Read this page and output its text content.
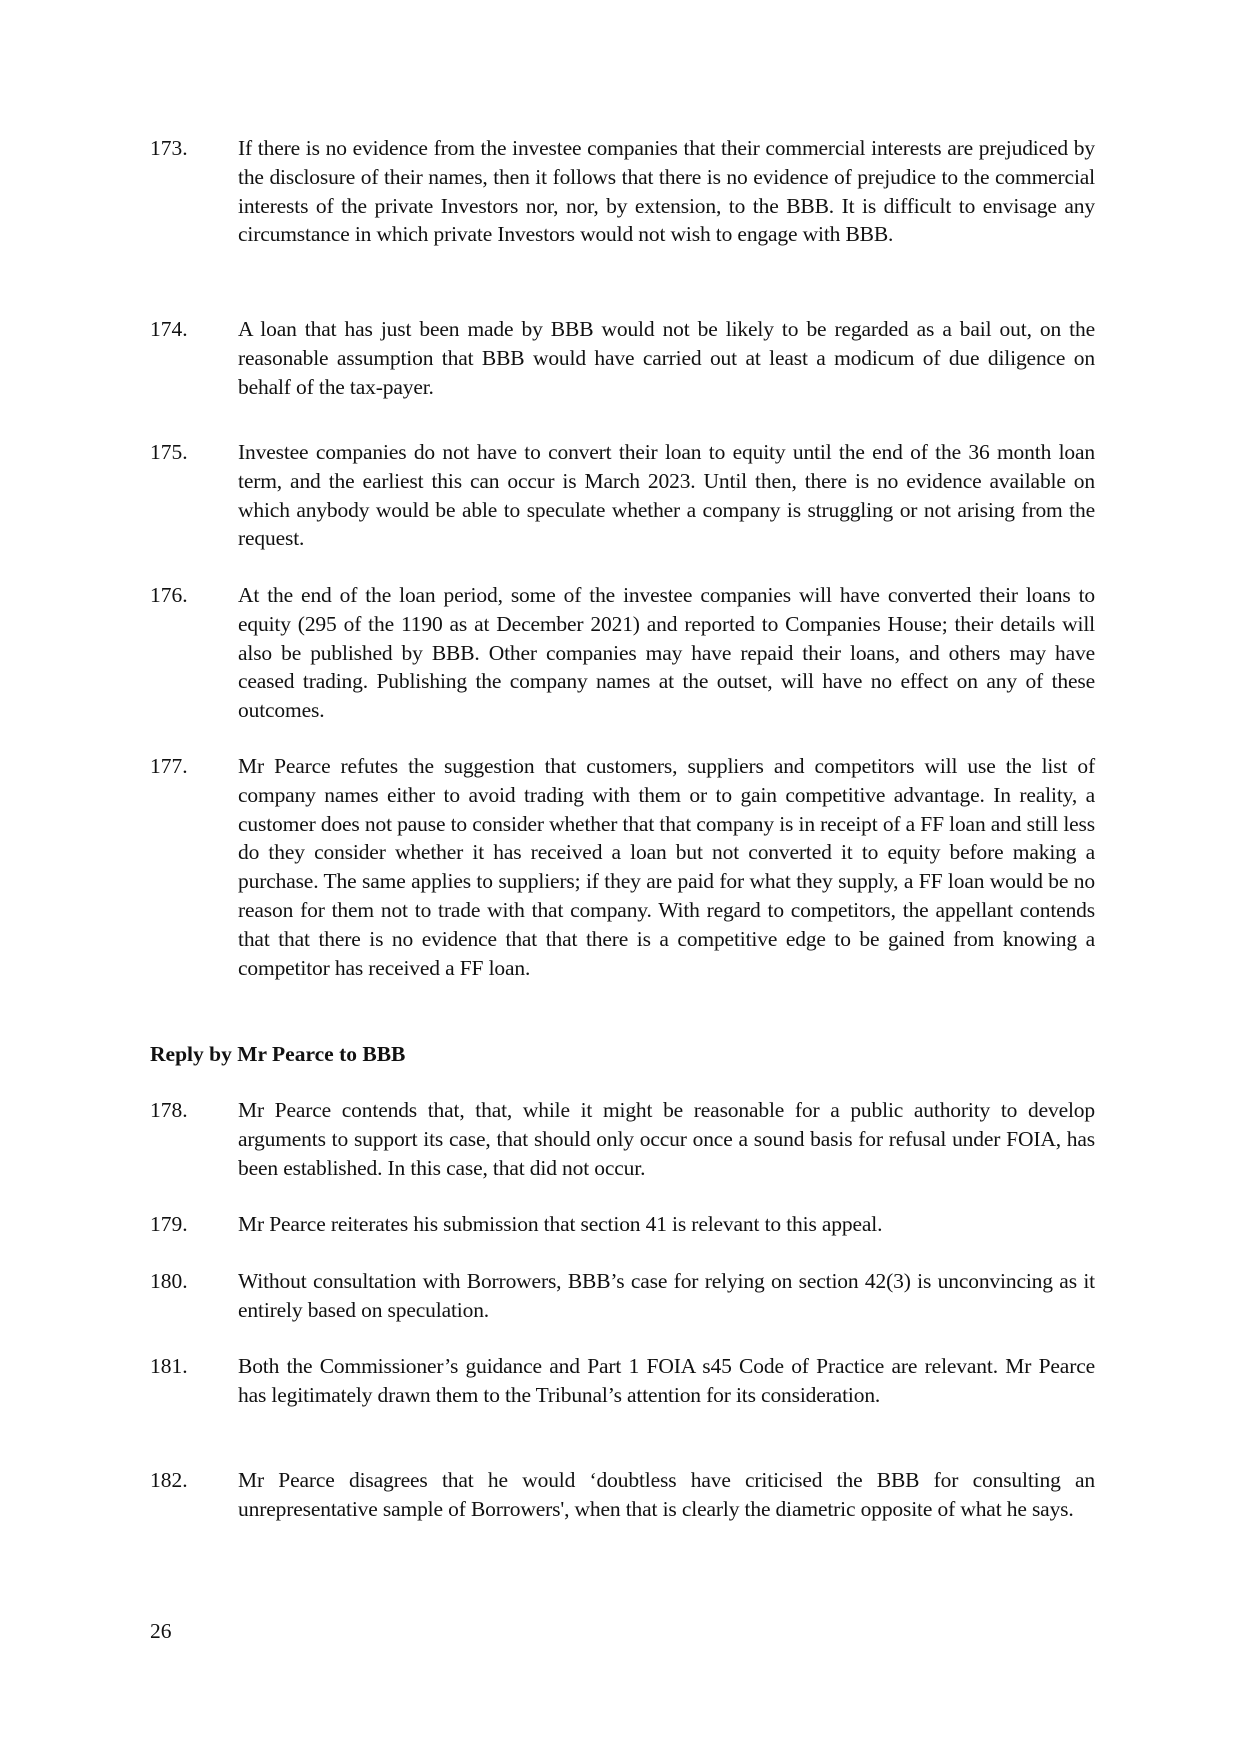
173. If there is no evidence from the investee companies that their commercial interests are prejudiced by the disclosure of their names, then it follows that there is no evidence of prejudice to the commercial interests of the private Investors nor, nor, by extension, to the BBB. It is difficult to envisage any circumstance in which private Investors would not wish to engage with BBB.
174. A loan that has just been made by BBB would not be likely to be regarded as a bail out, on the reasonable assumption that BBB would have carried out at least a modicum of due diligence on behalf of the tax-payer.
175. Investee companies do not have to convert their loan to equity until the end of the 36 month loan term, and the earliest this can occur is March 2023. Until then, there is no evidence available on which anybody would be able to speculate whether a company is struggling or not arising from the request.
176. At the end of the loan period, some of the investee companies will have converted their loans to equity (295 of the 1190 as at December 2021) and reported to Companies House; their details will also be published by BBB. Other companies may have repaid their loans, and others may have ceased trading. Publishing the company names at the outset, will have no effect on any of these outcomes.
177. Mr Pearce refutes the suggestion that customers, suppliers and competitors will use the list of company names either to avoid trading with them or to gain competitive advantage. In reality, a customer does not pause to consider whether that that company is in receipt of a FF loan and still less do they consider whether it has received a loan but not converted it to equity before making a purchase. The same applies to suppliers; if they are paid for what they supply, a FF loan would be no reason for them not to trade with that company. With regard to competitors, the appellant contends that that there is no evidence that that there is a competitive edge to be gained from knowing a competitor has received a FF loan.
Reply by Mr Pearce to BBB
178. Mr Pearce contends that, that, while it might be reasonable for a public authority to develop arguments to support its case, that should only occur once a sound basis for refusal under FOIA, has been established. In this case, that did not occur.
179. Mr Pearce reiterates his submission that section 41 is relevant to this appeal.
180. Without consultation with Borrowers, BBB’s case for relying on section 42(3) is unconvincing as it entirely based on speculation.
181. Both the Commissioner’s guidance and Part 1 FOIA s45 Code of Practice are relevant. Mr Pearce has legitimately drawn them to the Tribunal’s attention for its consideration.
182. Mr Pearce disagrees that he would ‘doubtless have criticised the BBB for consulting an unrepresentative sample of Borrowers', when that is clearly the diametric opposite of what he says.
26
